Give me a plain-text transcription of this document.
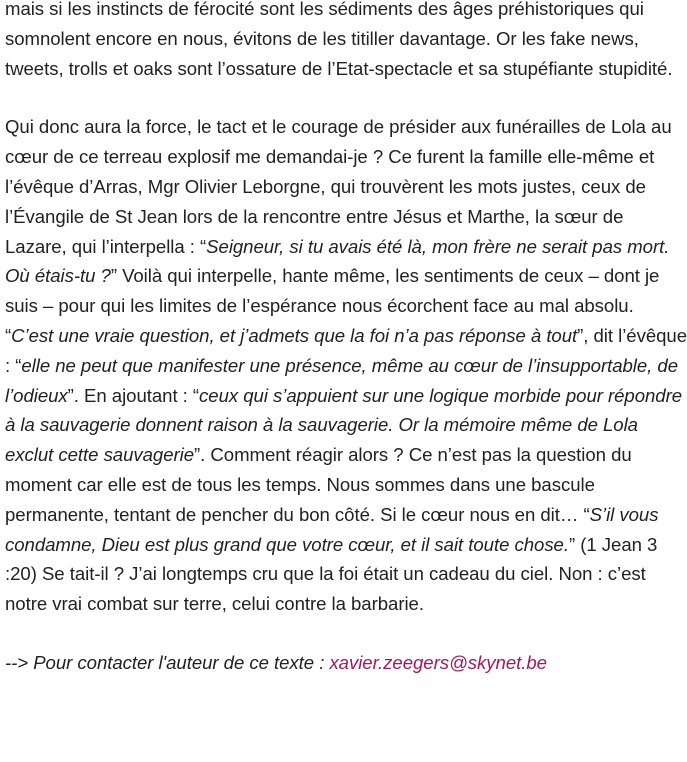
mais si les instincts de férocité sont les sédiments des âges préhistoriques qui somnolent encore en nous, évitons de les titiller davantage. Or les fake news, tweets, trolls et oaks sont l’ossature de l’Etat-spectacle et sa stupéfiante stupidité.

Qui donc aura la force, le tact et le courage de présider aux funérailles de Lola au cœur de ce terreau explosif me demandai-je ? Ce furent la famille elle-même et l’évêque d’Arras, Mgr Olivier Leborgne, qui trouvèrent les mots justes, ceux de l’Évangile de St Jean lors de la rencontre entre Jésus et Marthe, la sœur de Lazare, qui l’interpella : “Seigneur, si tu avais été là, mon frère ne serait pas mort. Où étais-tu ?” Voilà qui interpelle, hante même, les sentiments de ceux – dont je suis – pour qui les limites de l’espérance nous écorchent face au mal absolu. “C’est une vraie question, et j’admets que la foi n’a pas réponse à tout”, dit l’évêque : “elle ne peut que manifester une présence, même au cœur de l’insupportable, de l’odieux”. En ajoutant : “ceux qui s’appuient sur une logique morbide pour répondre à la sauvagerie donnent raison à la sauvagerie. Or la mémoire même de Lola exclut cette sauvagerie”. Comment réagir alors ? Ce n’est pas la question du moment car elle est de tous les temps. Nous sommes dans une bascule permanente, tentant de pencher du bon côté. Si le cœur nous en dit… “S’il vous condamne, Dieu est plus grand que votre cœur, et il sait toute chose.” (1 Jean 3 :20) Se tait-il ? J’ai longtemps cru que la foi était un cadeau du ciel. Non : c’est notre vrai combat sur terre, celui contre la barbarie.

--> Pour contacter l'auteur de ce texte : xavier.zeegers@skynet.be
